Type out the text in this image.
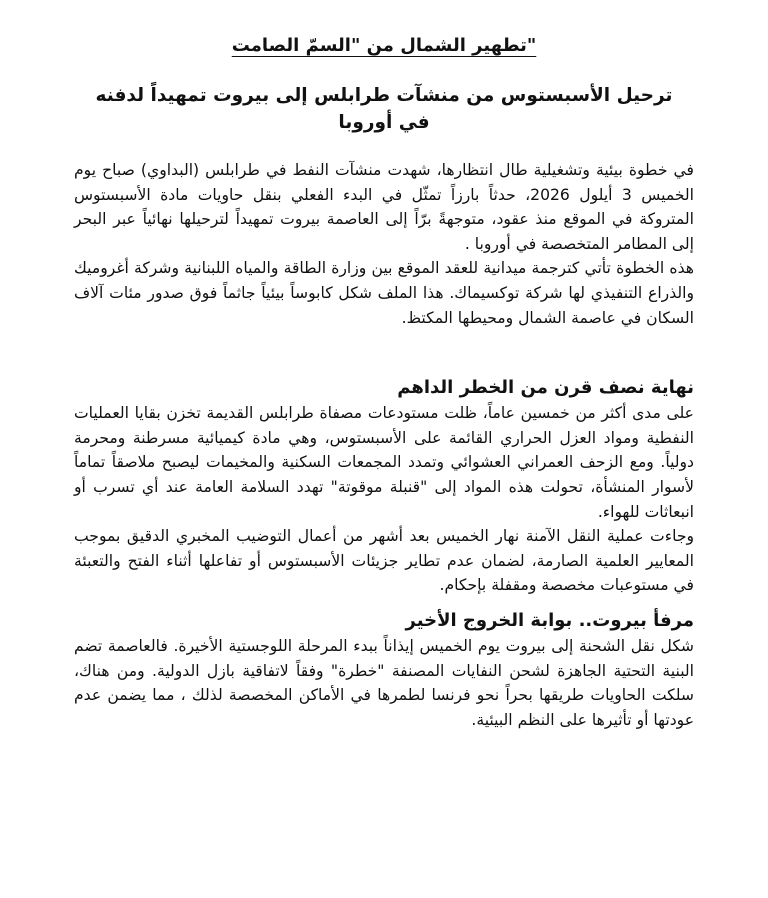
"تطهير الشمال من "السمّ الصامت
ترحيل الأسبستوس من منشآت طرابلس إلى بيروت تمهيداً لدفنه في أوروبا

في خطوة بيئية وتشغيلية طال انتظارها، شهدت منشآت النفط في طرابلس (البداوي) صباح يوم الخميس 3 أيلول 2026، حدثاً بارزاً تمثّل في البدء الفعلي بنقل حاويات مادة الأسبستوس المتروكة في الموقع منذ عقود، متوجهةً برّاً إلى العاصمة بيروت تمهيداً لترحيلها نهائياً عبر البحر إلى المطامر المتخصصة في أوروبا .

هذه الخطوة تأتي كترجمة ميدانية للعقد الموقع بين وزارة الطاقة والمياه اللبنانية وشركة أغروميك والذراع التنفيذي لها شركة توكسيماك. هذا الملف شكل كابوساً بيئياً جاثماً فوق صدور مئات آلاف السكان في عاصمة الشمال ومحيطها المكتظ.

نهاية نصف قرن من الخطر الداهم

على مدى أكثر من خمسين عاماً، ظلت مستودعات مصفاة طرابلس القديمة تخزن بقايا العمليات النفطية ومواد العزل الحراري القائمة على الأسبستوس، وهي مادة كيميائية مسرطنة ومحرمة دولياً. ومع الزحف العمراني العشوائي وتمدد المجمعات السكنية والمخيمات ليصبح ملاصقاً تماماً لأسوار المنشأة، تحولت هذه المواد إلى "قنبلة موقوتة" تهدد السلامة العامة عند أي تسرب أو انبعاثات للهواء.

وجاءت عملية النقل الآمنة نهار الخميس بعد أشهر من أعمال التوضيب المخبري الدقيق بموجب المعايير العلمية الصارمة، لضمان عدم تطاير جزيئات الأسبستوس أو تفاعلها أثناء الفتح والتعبئة في مستوعبات مخصصة ومقفلة بإحكام.

مرفأ بيروت.. بوابة الخروج الأخير

شكل نقل الشحنة إلى بيروت يوم الخميس إيذاناً ببدء المرحلة اللوجستية الأخيرة. فالعاصمة تضم البنية التحتية الجاهزة لشحن النفايات المصنفة "خطرة" وفقاً لاتفاقية بازل الدولية. ومن هناك، سلكت الحاويات طريقها بحراً نحو فرنسا لطمرها في الأماكن المخصصة لذلك ، مما يضمن عدم عودتها أو تأثيرها على النظم البيئية.
